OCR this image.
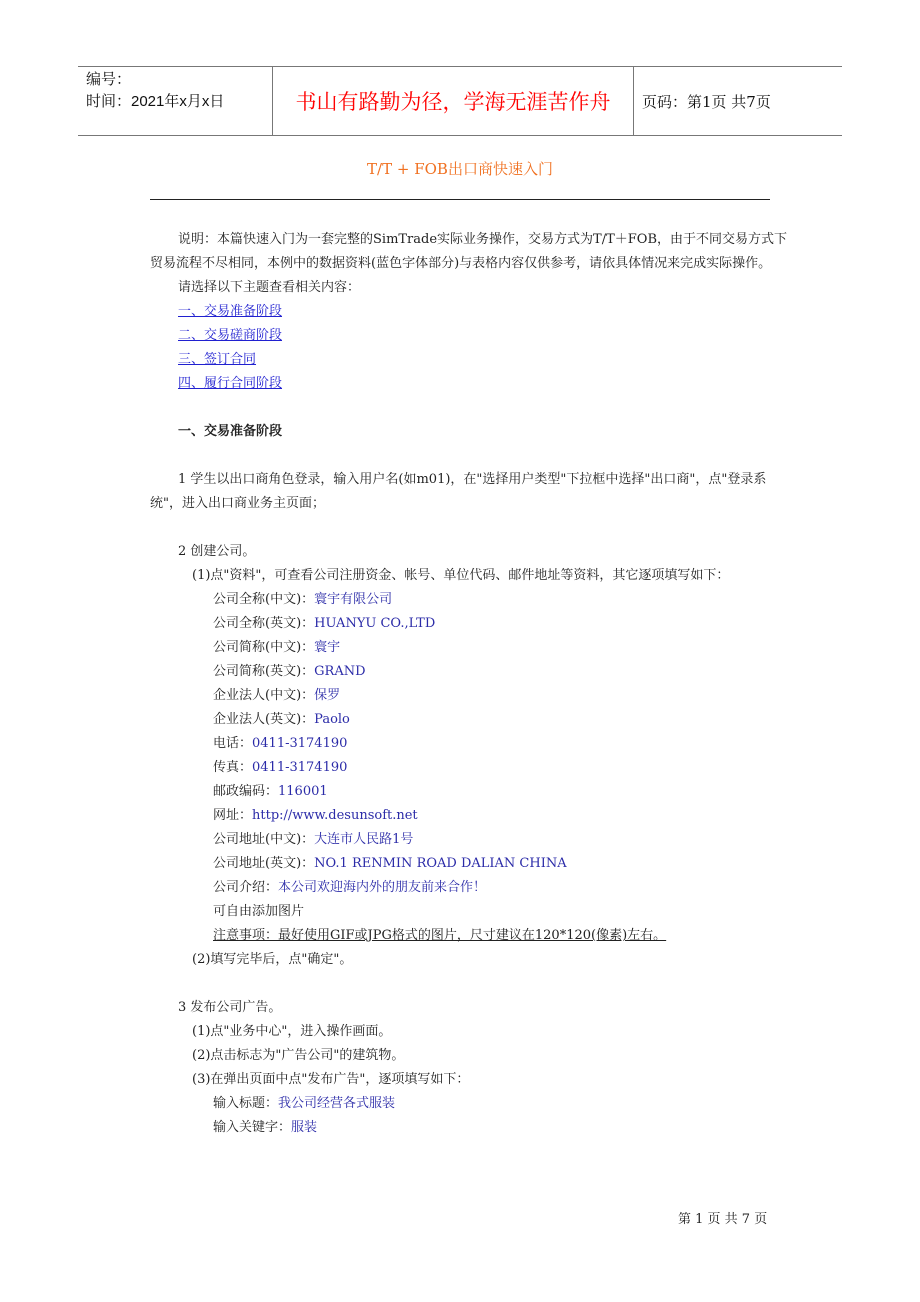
编号：
时间：2021年x月x日	书山有路勤为径，学海无涯苦作舟	页码：第1页 共7页
T/T + FOB出口商快速入门
说明：本篇快速入门为一套完整的SimTrade实际业务操作，交易方式为T/T＋FOB，由于不同交易方式下贸易流程不尽相同，本例中的数据资料(蓝色字体部分)与表格内容仅供参考，请依具体情况来完成实际操作。
请选择以下主题查看相关内容：
一、交易准备阶段
二、交易磋商阶段
三、签订合同
四、履行合同阶段
一、交易准备阶段
1 学生以出口商角色登录，输入用户名(如m01)，在"选择用户类型"下拉框中选择"出口商"，点"登录系统"，进入出口商业务主页面；
2 创建公司。
(1)点"资料"，可查看公司注册资金、帐号、单位代码、邮件地址等资料，其它逐项填写如下：
公司全称(中文)：寰宇有限公司
公司全称(英文)：HUANYU CO.,LTD
公司简称(中文)：寰宇
公司简称(英文)：GRAND
企业法人(中文)：保罗
企业法人(英文)：Paolo
电话：0411-3174190
传真：0411-3174190
邮政编码：116001
网址：http://www.desunsoft.net
公司地址(中文)：大连市人民路1号
公司地址(英文)：NO.1 RENMIN ROAD DALIAN CHINA
公司介绍：本公司欢迎海内外的朋友前来合作！
可自由添加图片
注意事项：最好使用GIF或JPG格式的图片，尺寸建议在120*120(像素)左右。
(2)填写完毕后，点"确定"。
3 发布公司广告。
(1)点"业务中心"，进入操作画面。
(2)点击标志为"广告公司"的建筑物。
(3)在弹出页面中点"发布广告"，逐项填写如下：
输入标题：我公司经营各式服装
输入关键字：服装
第 1 页 共 7 页
